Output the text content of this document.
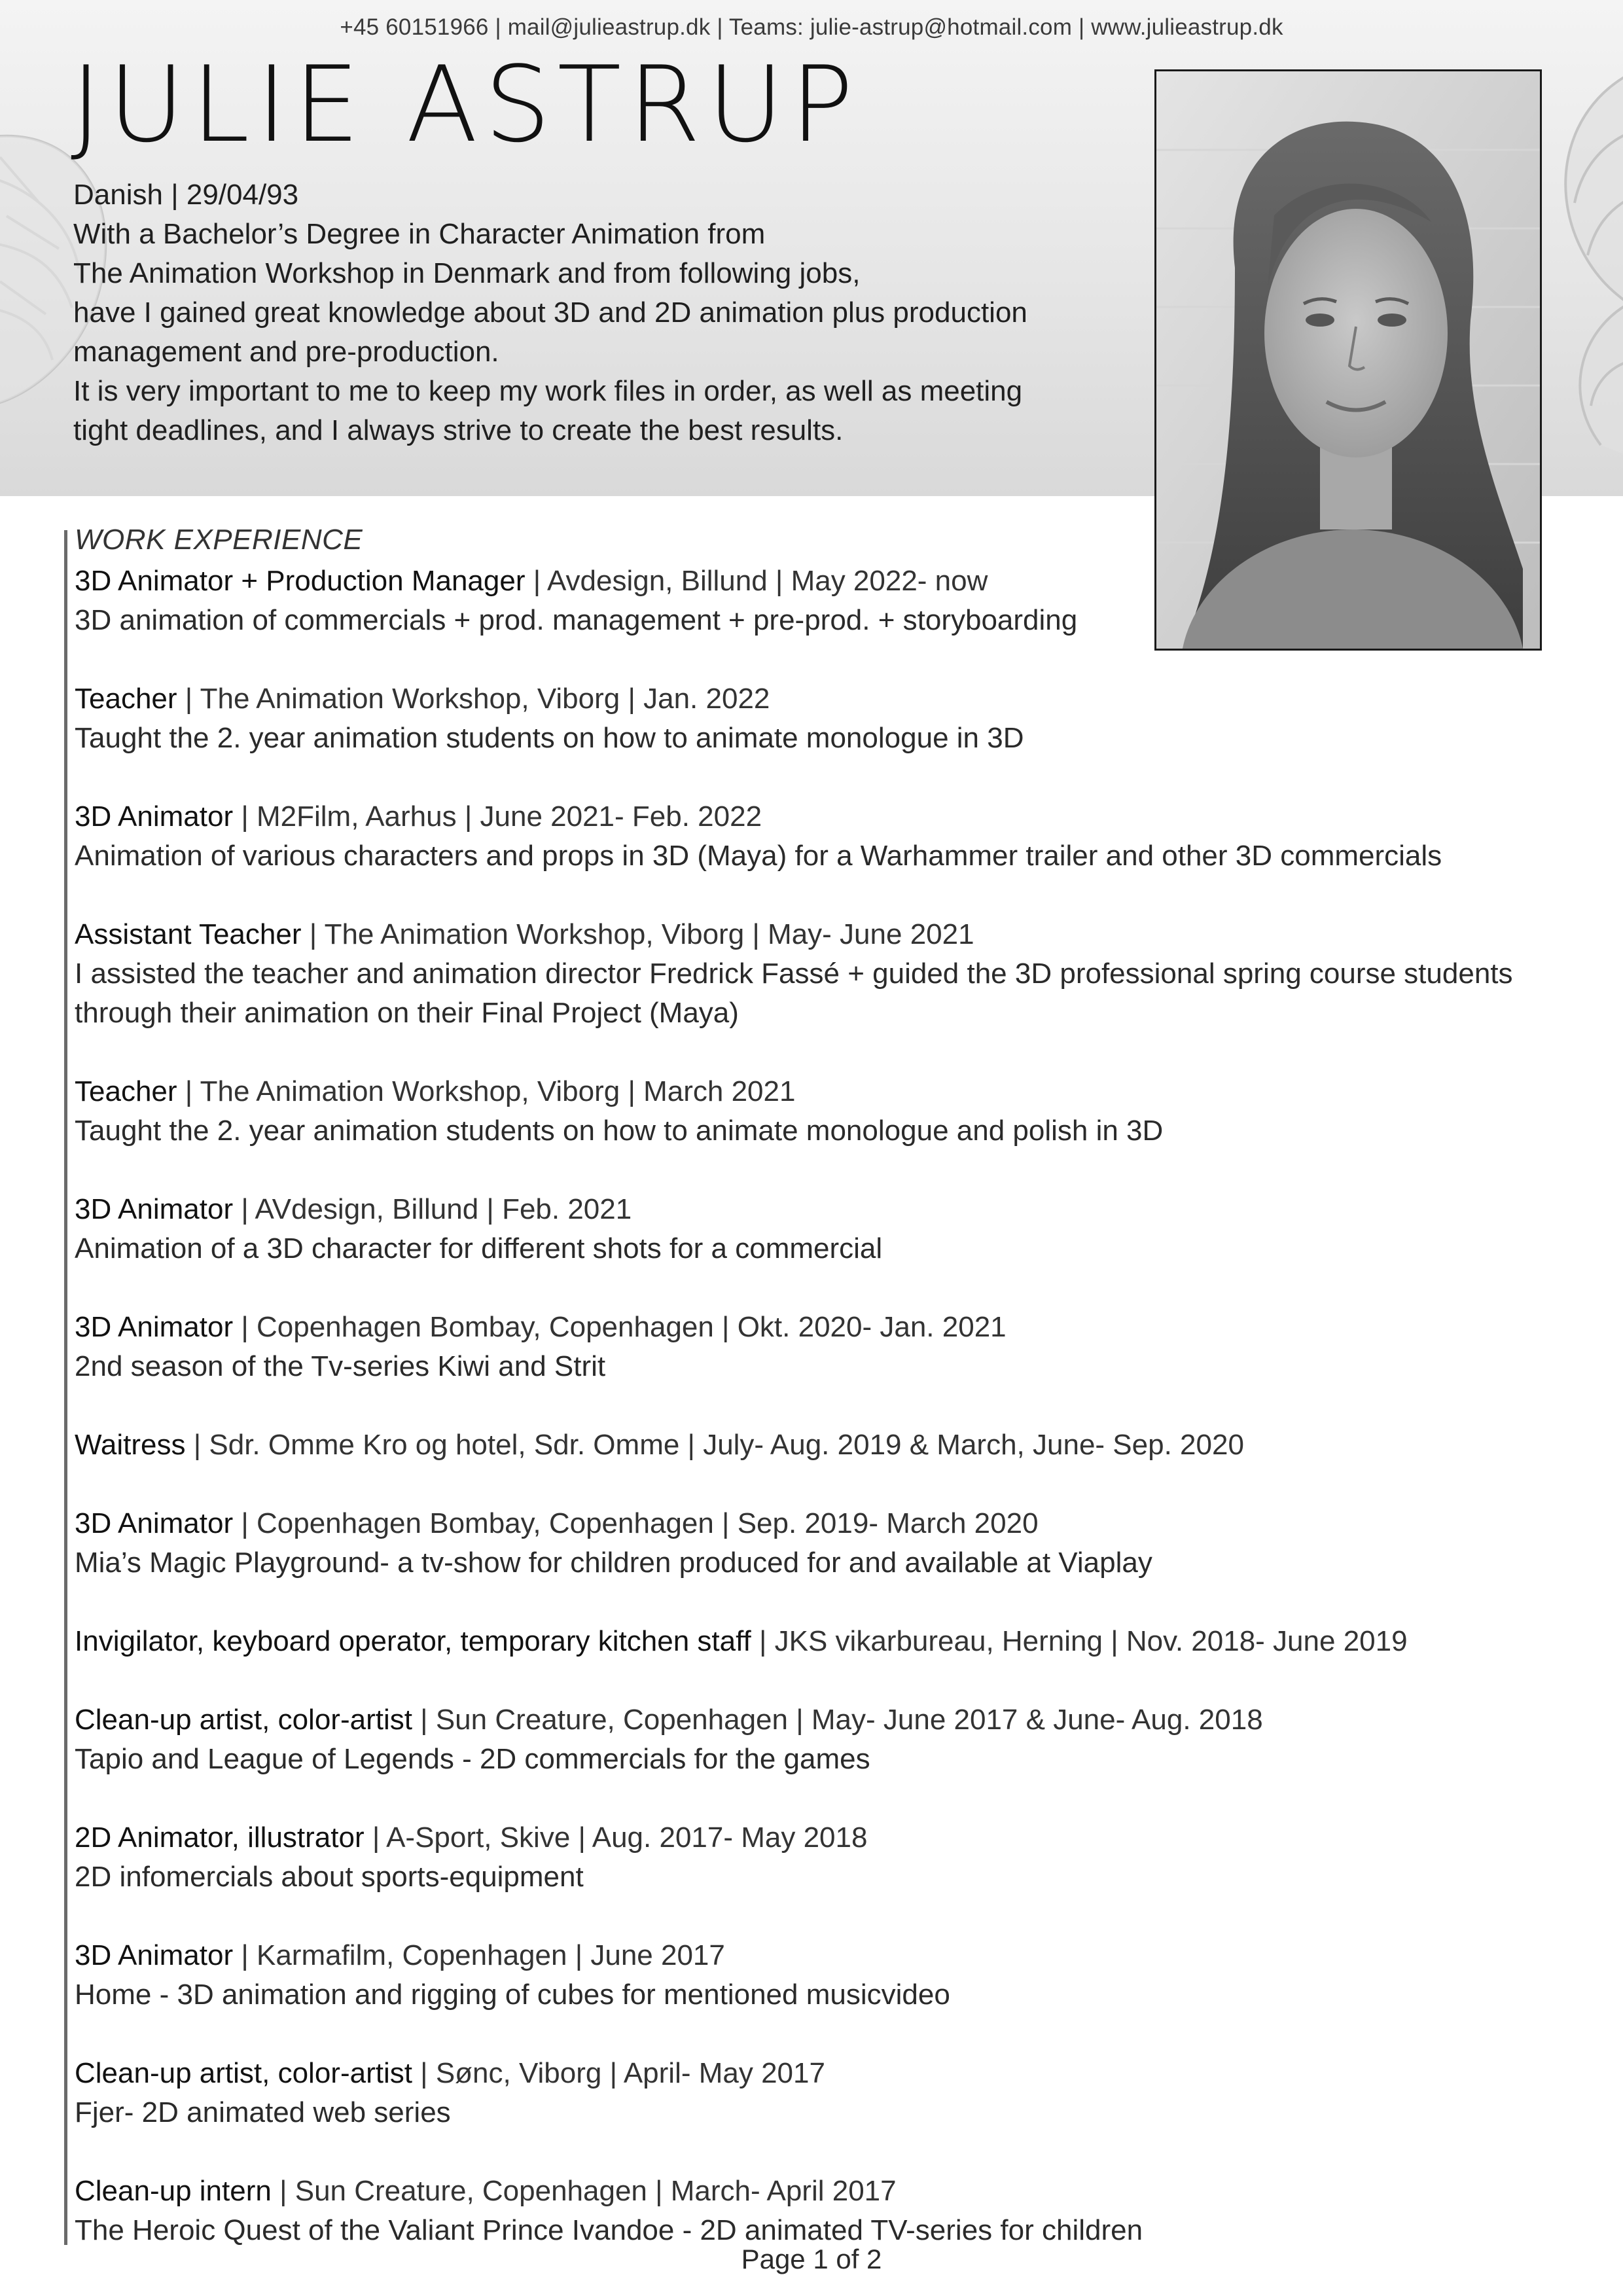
+45 60151966 | mail@julieastrup.dk | Teams: julie-astrup@hotmail.com | www.julieastrup.dk
JULIE ASTRUP
Danish | 29/04/93
With a Bachelor’s Degree in Character Animation from
The Animation Workshop in Denmark and from following jobs,
have I gained great knowledge about 3D and 2D animation plus production
management and pre-production.
It is very important to me to keep my work files in order, as well as meeting
tight deadlines, and I always strive to create the best results.
WORK EXPERIENCE
3D Animator + Production Manager | Avdesign, Billund | May 2022- now
3D animation of commercials + prod. management + pre-prod. + storyboarding
Teacher | The Animation Workshop, Viborg | Jan. 2022
Taught the 2. year animation students on how to animate monologue in 3D
3D Animator | M2Film, Aarhus | June 2021- Feb. 2022
Animation of various characters and props in 3D (Maya) for a Warhammer trailer and other 3D commercials
Assistant Teacher | The Animation Workshop, Viborg | May- June 2021
I assisted the teacher and animation director Fredrick Fassé + guided the 3D professional spring course students
through their animation on their Final Project (Maya)
Teacher | The Animation Workshop, Viborg | March 2021
Taught the 2. year animation students on how to animate monologue and polish in 3D
3D Animator | AVdesign, Billund | Feb. 2021
Animation of a 3D character for different shots for a commercial
3D Animator | Copenhagen Bombay, Copenhagen | Okt. 2020- Jan. 2021
2nd season of the Tv-series Kiwi and Strit
Waitress | Sdr. Omme Kro og hotel, Sdr. Omme | July- Aug. 2019 & March, June- Sep. 2020
3D Animator | Copenhagen Bombay, Copenhagen | Sep. 2019- March 2020
Mia’s Magic Playground- a tv-show for children produced for and available at Viaplay
Invigilator, keyboard operator, temporary kitchen staff | JKS vikarbureau, Herning | Nov. 2018- June 2019
Clean-up artist, color-artist | Sun Creature, Copenhagen | May- June 2017 & June- Aug. 2018
Tapio and League of Legends - 2D commercials for the games
2D Animator, illustrator | A-Sport, Skive | Aug. 2017- May 2018
2D infomercials about sports-equipment
3D Animator | Karmafilm, Copenhagen | June 2017
Home - 3D animation and rigging of cubes for mentioned musicvideo
Clean-up artist, color-artist | Sønc, Viborg | April- May 2017
Fjer- 2D animated web series
Clean-up intern | Sun Creature, Copenhagen | March- April 2017
The Heroic Quest of the Valiant Prince Ivandoe - 2D animated TV-series for children
Page 1 of 2
